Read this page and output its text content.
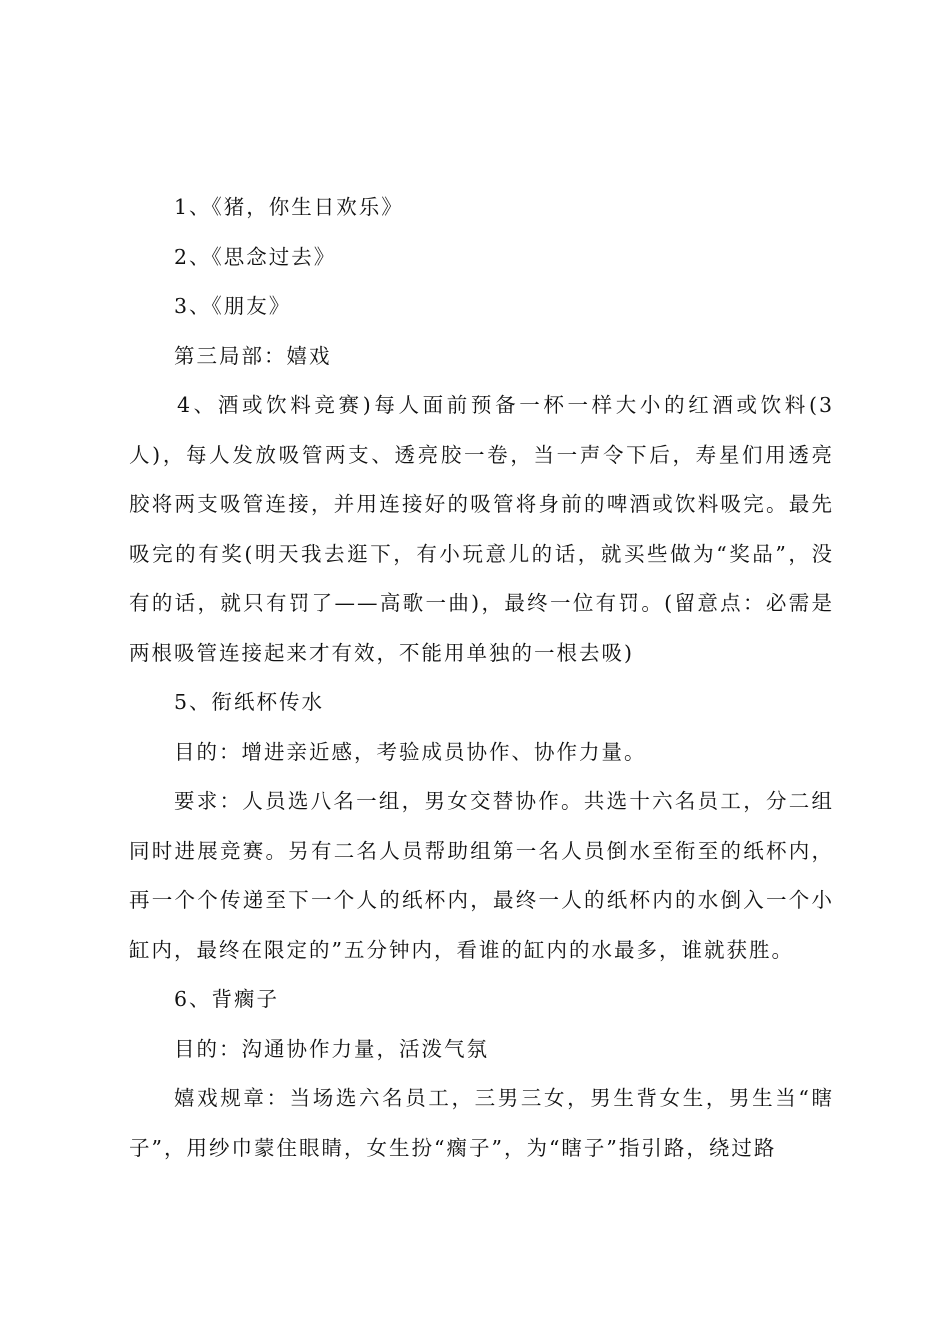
1、《猪，你生日欢乐》

2、《思念过去》

3、《朋友》

第三局部：嬉戏

4、酒或饮料竞赛)每人面前预备一杯一样大小的红酒或饮料(3人)，每人发放吸管两支、透亮胶一卷，当一声令下后，寿星们用透亮胶将两支吸管连接，并用连接好的吸管将身前的啤酒或饮料吸完。最先吸完的有奖(明天我去逛下，有小玩意儿的话，就买些做为“奖品”，没有的话，就只有罚了——高歌一曲)，最终一位有罚。(留意点：必需是两根吸管连接起来才有效，不能用单独的一根去吸)

5、衔纸杯传水

目的：增进亲近感，考验成员协作、协作力量。

要求：人员选八名一组，男女交替协作。共选十六名员工，分二组同时进展竞赛。另有二名人员帮助组第一名人员倒水至衔至的纸杯内，再一个个传递至下一个人的纸杯内，最终一人的纸杯内的水倒入一个小缸内，最终在限定的”五分钟内，看谁的缸内的水最多，谁就获胜。

6、背瘸子

目的：沟通协作力量，活泼气氛

嬉戏规章：当场选六名员工，三男三女，男生背女生，男生当“瞎子”，用纱巾蒙住眼睛，女生扮“瘸子”，为“瞎子”指引路，绕过路
